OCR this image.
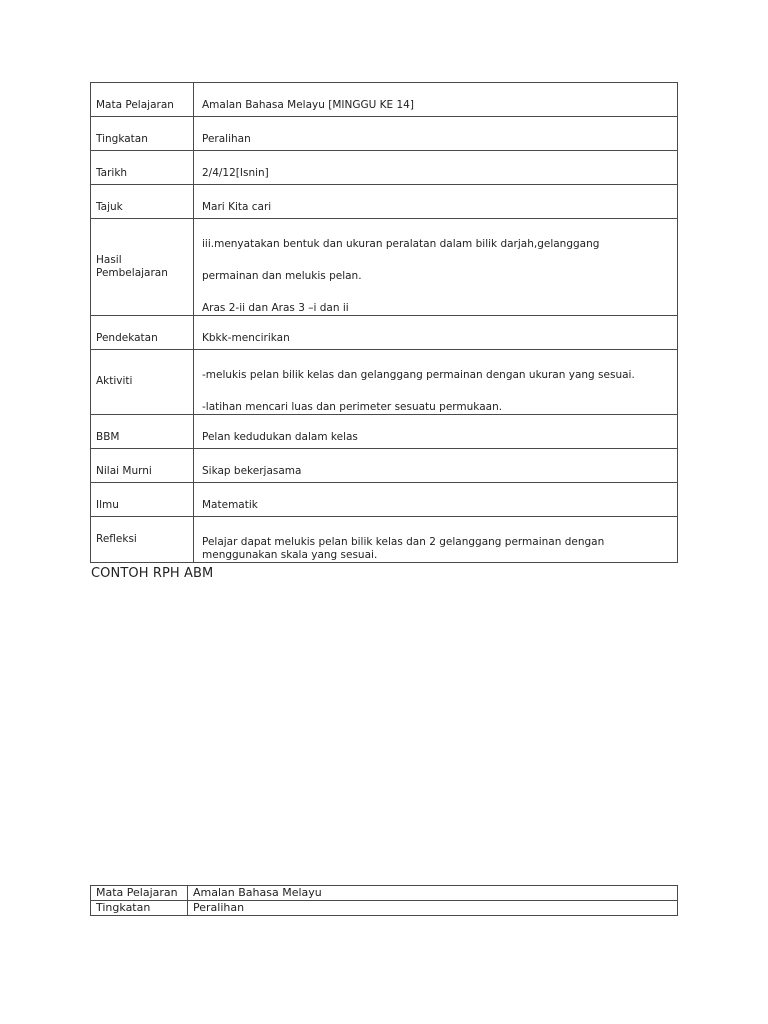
Mata Pelajaran	Amalan Bahasa Melayu [MINGGU KE 14]
Tingkatan	Peralihan
Tarikh	2/4/12[Isnin]
Tajuk	Mari Kita cari
Hasil
Pembelajaran	iii.menyatakan bentuk dan ukuran peralatan dalam bilik darjah,gelanggang
permainan dan melukis pelan.
Aras 2-ii dan Aras 3 –i dan ii

Pendekatan	Kbkk-mencirikan
Aktiviti	-melukis pelan bilik kelas dan gelanggang permainan dengan ukuran yang sesuai.
-latihan mencari luas dan perimeter sesuatu permukaan.

BBM	Pelan kedudukan dalam kelas
Nilai Murni	Sikap bekerjasama
Ilmu	Matematik
Refleksi	Pelajar dapat melukis pelan bilik kelas dan 2 gelanggang permainan dengan menggunakan skala yang sesuai.
CONTOH RPH ABM
Mata Pelajaran	Amalan Bahasa Melayu
Tingkatan	Peralihan
